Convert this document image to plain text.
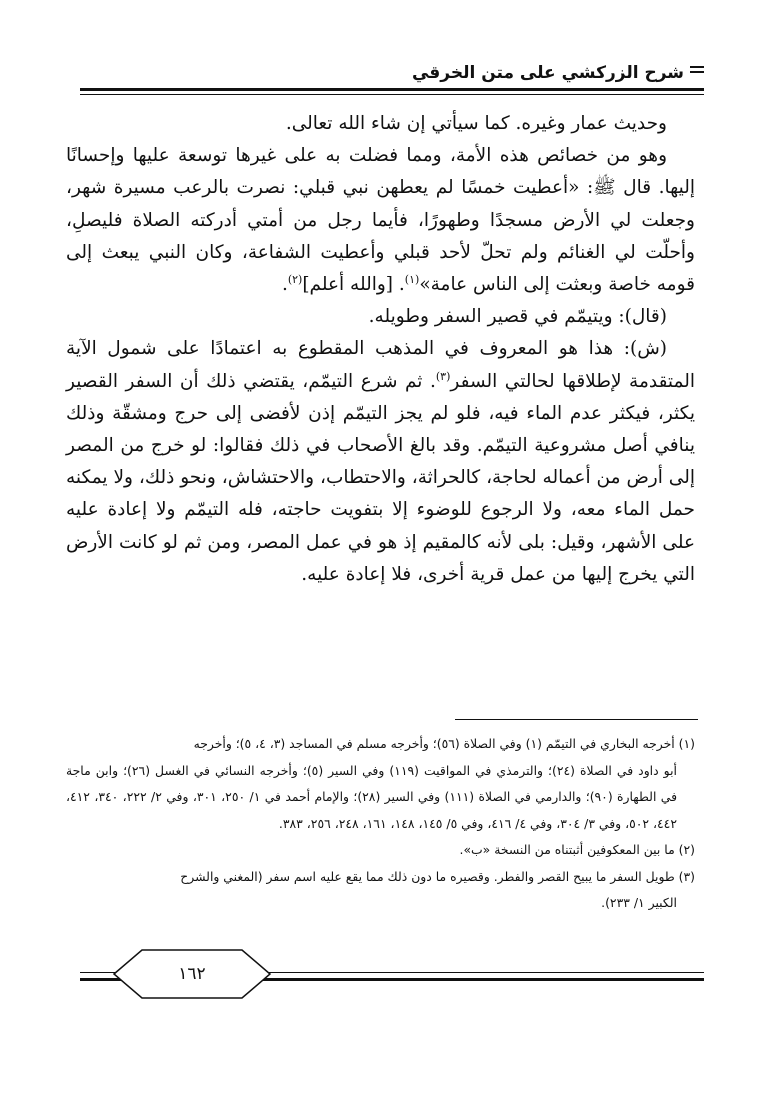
شرح الزركشي على متن الخرقي

وحديث عمار وغيره. كما سيأتي إن شاء الله تعالى.

وهو من خصائص هذه الأمة، ومما فضلت به على غيرها توسعة عليها وإحسانًا إليها. قال ﷺ: «أعطيت خمسًا لم يعطهن نبي قبلي: نصرت بالرعب مسيرة شهر، وجعلت لي الأرض مسجدًا وطهورًا، فأيما رجل من أمتي أدركته الصلاة فليصلِ، وأحلّت لي الغنائم ولم تحلّ لأحد قبلي وأعطيت الشفاعة، وكان النبي يبعث إلى قومه خاصة وبعثت إلى الناس عامة»$^{(١)}$. [والله أعلم]$^{(٢)}$.

(قال): ويتيمّم في قصير السفر وطويله.

(ش): هذا هو المعروف في المذهب المقطوع به اعتمادًا على شمول الآية المتقدمة لإطلاقها لحالتي السفر$^{(٣)}$. ثم شرع التيمّم، يقتضي ذلك أن السفر القصير يكثر، فيكثر عدم الماء فيه، فلو لم يجز التيمّم إذن لأفضى إلى حرج ومشقّة وذلك ينافي أصل مشروعية التيمّم. وقد بالغ الأصحاب في ذلك فقالوا: لو خرج من المصر إلى أرض من أعماله لحاجة، كالحراثة، والاحتطاب، والاحتشاش، ونحو ذلك، ولا يمكنه حمل الماء معه، ولا الرجوع للوضوء إلا بتفويت حاجته، فله التيمّم ولا إعادة عليه على الأشهر، وقيل: بلى لأنه كالمقيم إذ هو في عمل المصر، ومن ثم لو كانت الأرض التي يخرج إليها من عمل قرية أخرى، فلا إعادة عليه.

(١) أخرجه البخاري في التيمّم (١) وفي الصلاة (٥٦)؛ وأخرجه مسلم في المساجد (٣، ٤، ٥)؛ وأخرجه

أبو داود في الصلاة (٢٤)؛ والترمذي في المواقيت (١١٩) وفي السير (٥)؛ وأخرجه النسائي في الغسل (٢٦)؛ وابن ماجة في الطهارة (٩٠)؛ والدارمي في الصلاة (١١١) وفي السير (٢٨)؛ والإمام أحمد في ١/ ٢٥٠، ٣٠١، وفي ٢/ ٢٢٢، ٣٤٠، ٤١٢، ٤٤٢، ٥٠٢، وفي ٣/ ٣٠٤، وفي ٤/ ٤١٦، وفي ٥/ ١٤٥، ١٤٨، ١٦١، ٢٤٨، ٢٥٦، ٣٨٣.

(٢) ما بين المعكوفين أثبتناه من النسخة «ب».

(٣) طويل السفر ما يبيح القصر والفطر. وقصيره ما دون ذلك مما يقع عليه اسم سفر (المغني والشرح

الكبير ١/ ٢٣٣).

١٦٢
